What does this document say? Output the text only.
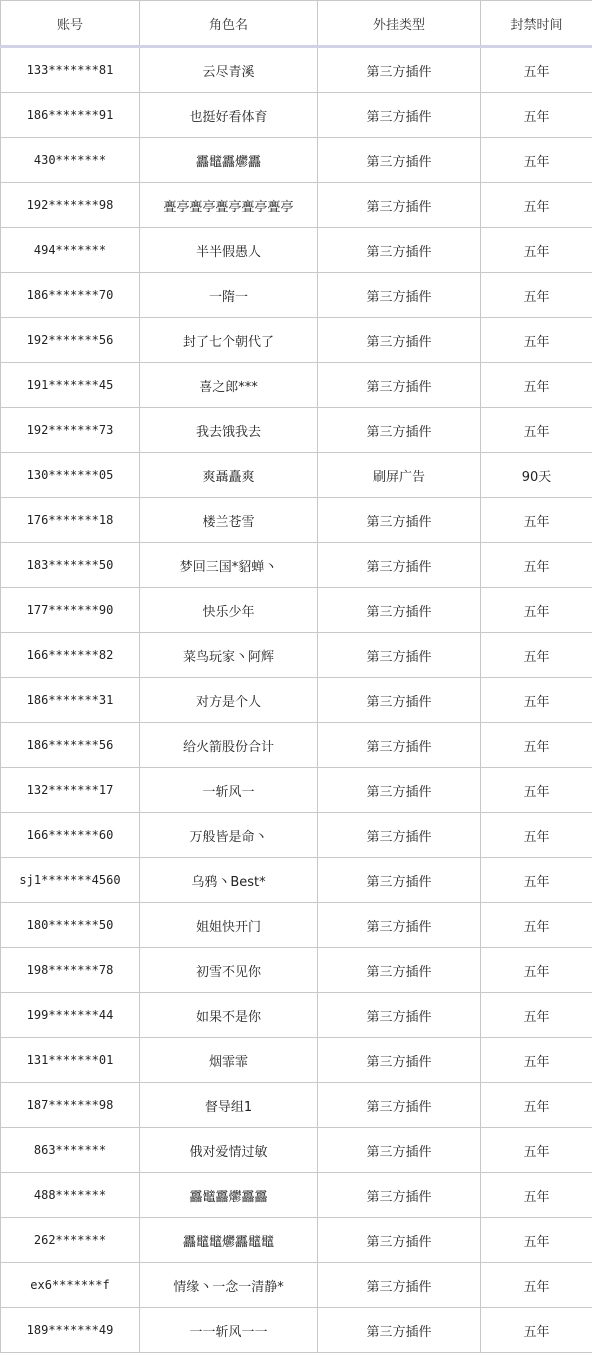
账号	角色名	外挂类型	封禁时间
133*******81	云尽青溪	第三方插件	五年
186*******91	也挺好看体育	第三方插件	五年
430*******	靐鼊靐爩靐	第三方插件	五年
192*******98	亹亭亹亭亹亭亹亭亹亭	第三方插件	五年
494*******	半半假愚人	第三方插件	五年
186*******70	一隋一	第三方插件	五年
192*******56	封了七个朝代了	第三方插件	五年
191*******45	喜之郎***	第三方插件	五年
192*******73	我去饿我去	第三方插件	五年
130*******05	爽聶矗爽	刷屏广告	90天
176*******18	楼兰苍雪	第三方插件	五年
183*******50	梦回三国*貂蝉丶	第三方插件	五年
177*******90	快乐少年	第三方插件	五年
166*******82	菜鸟玩家丶阿辉	第三方插件	五年
186*******31	对方是个人	第三方插件	五年
186*******56	给火箭股份合计	第三方插件	五年
132*******17	一斩风一	第三方插件	五年
166*******60	万般皆是命丶	第三方插件	五年
sj1*******4560	乌鸦丶Best*	第三方插件	五年
180*******50	姐姐快开门	第三方插件	五年
198*******78	初雪不见你	第三方插件	五年
199*******44	如果不是你	第三方插件	五年
131*******01	烟霏霏	第三方插件	五年
187*******98	督导组1	第三方插件	五年
863*******	俄对爱情过敏	第三方插件	五年
488*******	靐鼊靐爩靐靐	第三方插件	五年
262*******	靐鼊鼊爩靐鼊鼊	第三方插件	五年
ex6*******f	情缘丶一念一清静*	第三方插件	五年
189*******49	一一斩风一一	第三方插件	五年
